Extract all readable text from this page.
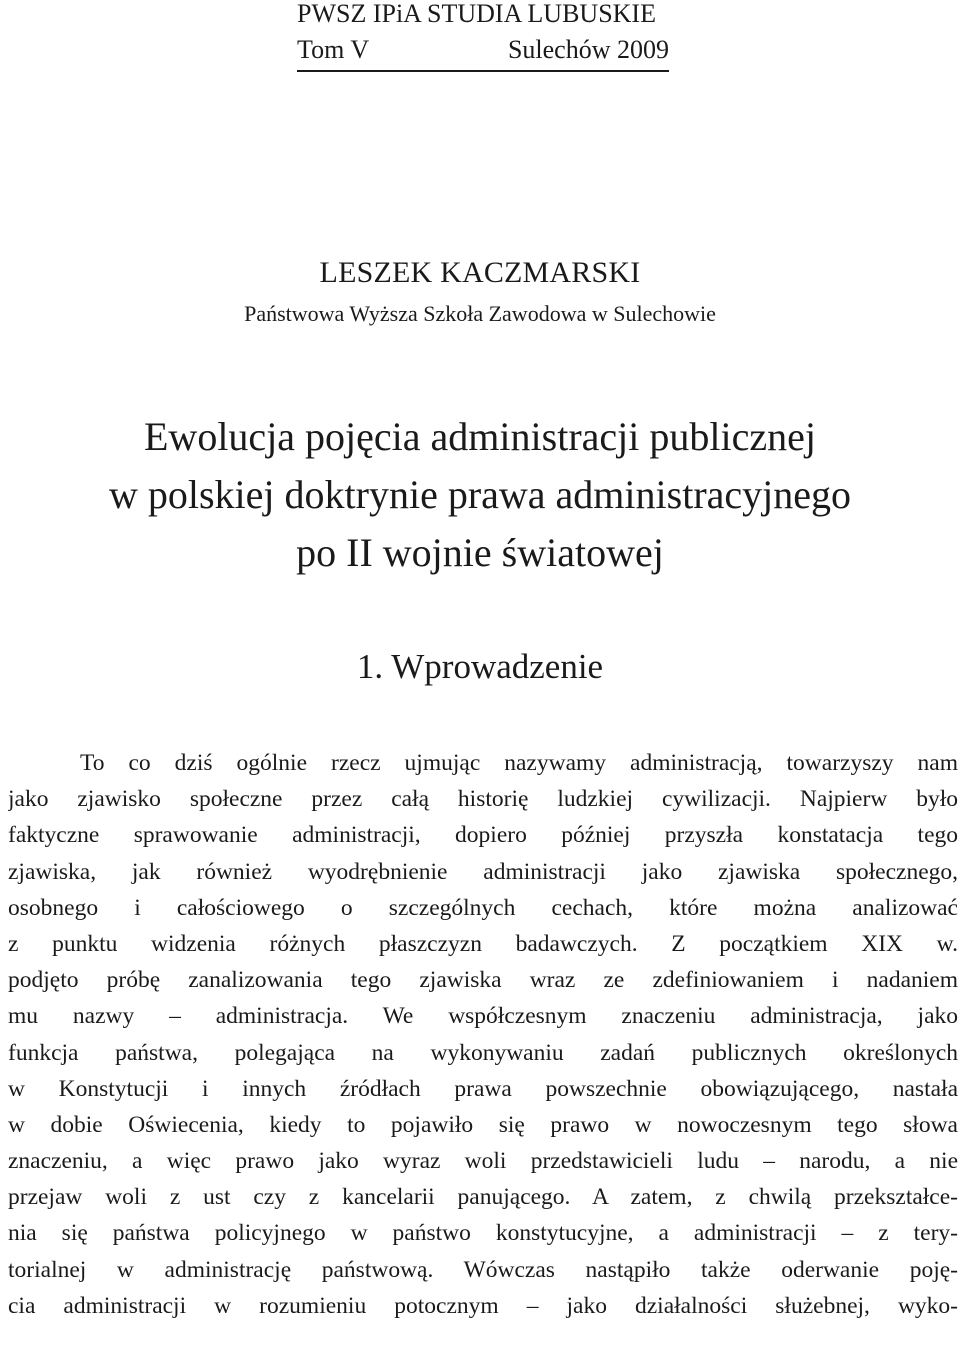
PWSZ IPiA STUDIA LUBUSKIE
Tom V	Sulechów 2009
LESZEK KACZMARSKI
Państwowa Wyższa Szkoła Zawodowa w Sulechowie
Ewolucja pojęcia administracji publicznej
w polskiej doktrynie prawa administracyjnego
po II wojnie światowej
1. Wprowadzenie
To co dziś ogólnie rzecz ujmując nazywamy administracją, towarzyszy nam
jako zjawisko społeczne przez całą historię ludzkiej cywilizacji. Najpierw było
faktyczne sprawowanie administracji, dopiero później przyszła konstatacja tego
zjawiska, jak również wyodrębnienie administracji jako zjawiska społecznego,
osobnego i całościowego o szczególnych cechach, które można analizować
z punktu widzenia różnych płaszczyzn badawczych. Z początkiem XIX w.
podjęto próbę zanalizowania tego zjawiska wraz ze zdefiniowaniem i nadaniem
mu nazwy – administracja. We współczesnym znaczeniu administracja, jako
funkcja państwa, polegająca na wykonywaniu zadań publicznych określonych
w Konstytucji i innych źródłach prawa powszechnie obowiązującego, nastała
w dobie Oświecenia, kiedy to pojawiło się prawo w nowoczesnym tego słowa
znaczeniu, a więc prawo jako wyraz woli przedstawicieli ludu – narodu, a nie
przejaw woli z ust czy z kancelarii panującego. A zatem, z chwilą przekształce-
nia się państwa policyjnego w państwo konstytucyjne, a administracji – z tery-
torialnej w administrację państwową. Wówczas nastąpiło także oderwanie poję-
cia administracji w rozumieniu potocznym – jako działalności służebnej, wyko-
